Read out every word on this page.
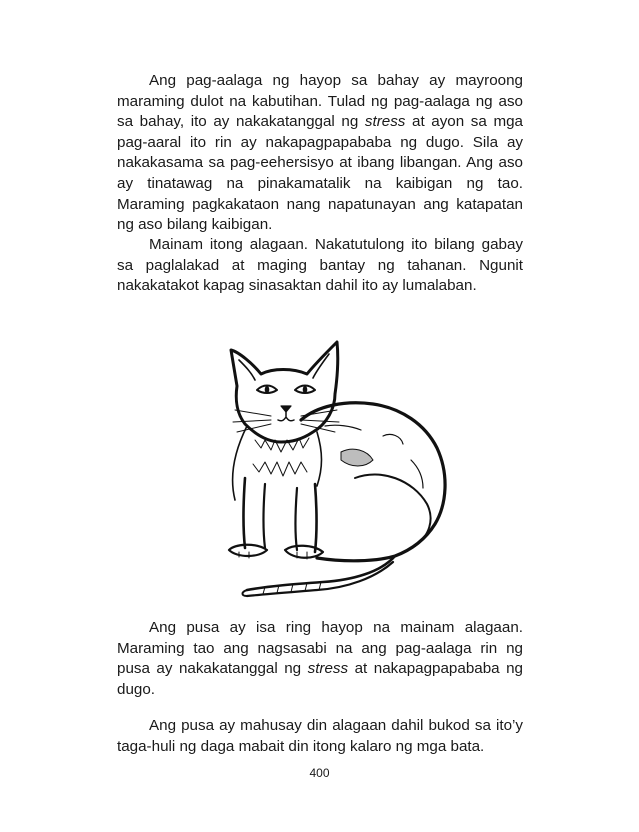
Ang pag-aalaga ng hayop sa bahay ay mayroong maraming dulot na kabutihan. Tulad ng pag-aalaga ng aso sa bahay, ito ay nakakatanggal ng stress at ayon sa mga pag-aaral ito rin ay nakapagpapababa ng dugo. Sila ay nakakasama sa pag-eehersisyo at ibang libangan. Ang aso ay tinatawag na pinakamatalik na kaibigan ng tao. Maraming pagkakataon nang napatunayan ang katapatan ng aso bilang kaibigan.

Mainam itong alagaan. Nakatutulong ito bilang gabay sa paglalakad at maging bantay ng tahanan. Ngunit nakakatakot kapag sinasaktan dahil ito ay lumalaban.

Ang pusa ay isa ring hayop na mainam alagaan. Maraming tao ang nagsasabi na ang pag-aalaga rin ng pusa ay nakakatanggal ng stress at nakapagpapababa ng dugo.

Ang pusa ay mahusay din alagaan dahil bukod sa ito’y taga-huli ng daga mabait din itong kalaro ng mga bata.

400
